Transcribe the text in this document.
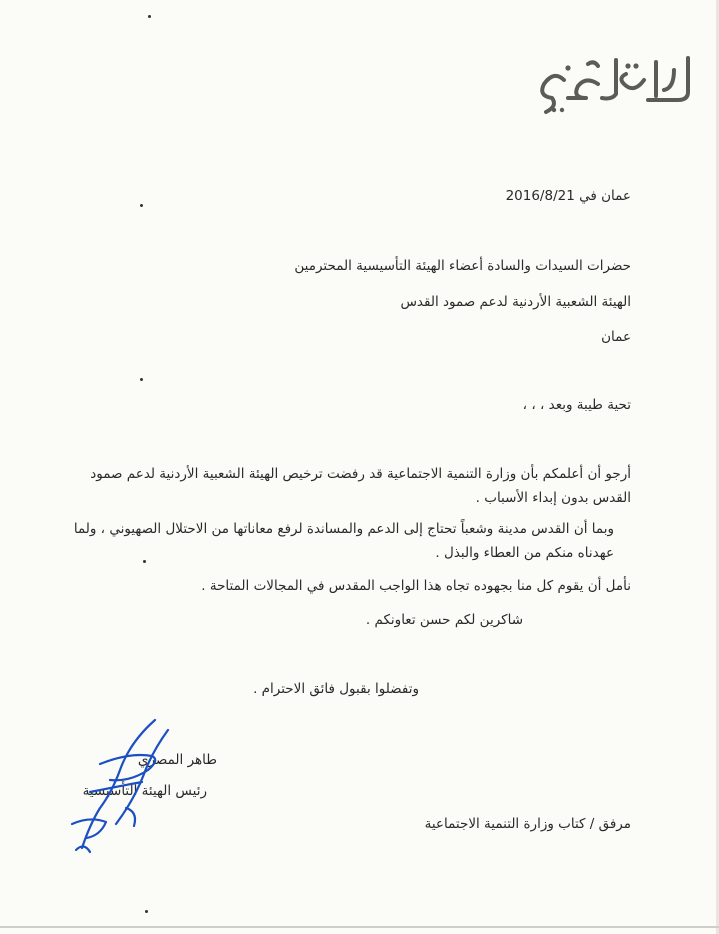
عمان في 2016/8/21
حضرات السيدات والسادة أعضاء الهيئة التأسيسية المحترمين
الهيئة الشعبية الأردنية لدعم صمود القدس
عمان
تحية طيبة وبعد ، ، ،
أرجو أن أعلمكم بأن وزارة التنمية الاجتماعية قد رفضت ترخيص الهيئة الشعبية الأردنية لدعم صمود القدس بدون إبداء الأسباب .
وبما أن القدس مدينة وشعباً تحتاج إلى الدعم والمساندة لرفع معاناتها من الاحتلال الصهيوني ، ولما عهدناه منكم من العطاء والبذل .
نأمل أن يقوم كل منا بجهوده تجاه هذا الواجب المقدس في المجالات المتاحة .
شاكرين لكم حسن تعاونكم .
وتفضلوا بقبول فائق الاحترام .
طاهر المصري
رئيس الهيئة التأسيسية
مرفق / كتاب وزارة التنمية الاجتماعية
